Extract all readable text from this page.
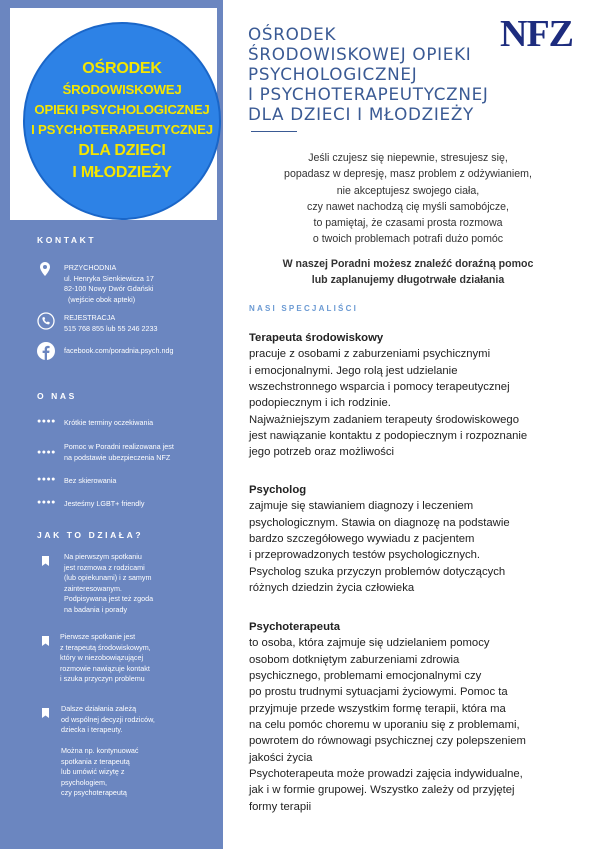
OŚRODEK
ŚRODOWISKOWEJ
OPIEKI PSYCHOLOGICZNEJ
I PSYCHOTERAPEUTYCZNEJ
DLA DZIECI
I MŁODZIEŻY
KONTAKT
PRZYCHODNIA
ul. Henryka Sienkiewicza 17
82-100 Nowy Dwór Gdański
(wejście obok apteki)
REJESTRACJA
515 768 855 lub 55 246 2233
facebook.com/poradnia.psych.ndg
O NAS
●●●● Krótkie terminy oczekiwania
●●●●
Pomoc w Poradni realizowana jest
na podstawie ubezpieczenia NFZ
●●●● Bez skierowania
●●●● Jesteśmy LGBT+ friendly
JAK TO DZIAŁA?
Na pierwszym spotkaniu
jest rozmowa z rodzicami
(lub opiekunami) i z samym
zainteresowanym.
Podpisywana jest też zgoda
na badania i porady
Pierwsze spotkanie jest
z terapeutą środowiskowym,
który w niezobowiązującej
rozmowie nawiązuje kontakt
i szuka przyczyn problemu
Dalsze działania zależą
od wspólnej decyzji rodziców,
dziecka i terapeuty.
Można np. kontynuować
spotkania z terapeutą
lub umówić wizytę z
psychologiem,
czy psychoterapeutą
OŚRODEK
ŚRODOWISKOWEJ OPIEKI
PSYCHOLOGICZNEJ
I PSYCHOTERAPEUTYCZNEJ
DLA DZIECI I MŁODZIEŻY
NFZ
Jeśli czujesz się niepewnie, stresujesz się,
popadasz w depresję, masz problem z odżywianiem,
nie akceptujesz swojego ciała,
czy nawet nachodzą cię myśli samobójcze,
to pamiętaj, że czasami prosta rozmowa
o twoich problemach potrafi dużo pomóc
W naszej Poradni możesz znaleźć doraźną pomoc
lub zaplanujemy długotrwałe działania
NASI SPECJALIŚCI
Terapeuta środowiskowy
pracuje z osobami z zaburzeniami psychicznymi
i emocjonalnymi. Jego rolą jest udzielanie
wszechstronnego wsparcia i pomocy terapeutycznej
podopiecznym i ich rodzinie.
Najważniejszym zadaniem terapeuty środowiskowego
jest nawiązanie kontaktu z podopiecznym i rozpoznanie
jego potrzeb oraz możliwości
Psycholog
zajmuje się stawianiem diagnozy i leczeniem
psychologicznym. Stawia on diagnozę na podstawie
bardzo szczegółowego wywiadu z pacjentem
i przeprowadzonych testów psychologicznych.
Psycholog szuka przyczyn problemów dotyczących
różnych dziedzin życia człowieka
Psychoterapeuta
to osoba, która zajmuje się udzielaniem pomocy
osobom dotkniętym zaburzeniami zdrowia
psychicznego, problemami emocjonalnymi czy
po prostu trudnymi sytuacjami życiowymi. Pomoc ta
przyjmuje przede wszystkim formę terapii, która ma
na celu pomóc choremu w uporaniu się z problemami,
powrotem do równowagi psychicznej czy polepszeniem
jakości życia
Psychoterapeuta może prowadzi zajęcia indywidualne,
jak i w formie grupowej. Wszystko zależy od przyjętej
formy terapii
